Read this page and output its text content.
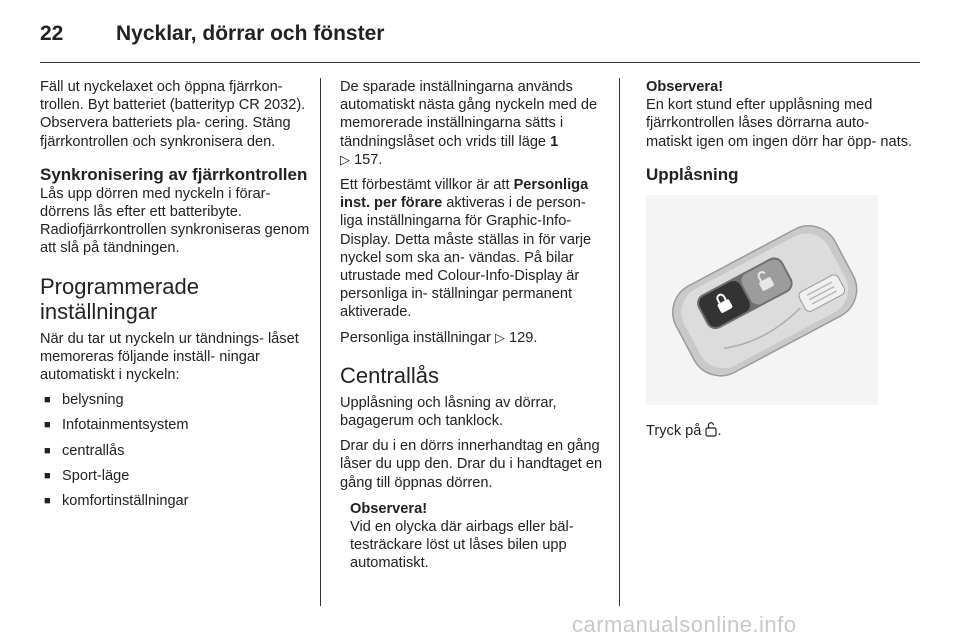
22	Nycklar, dörrar och fönster

Fäll ut nyckelaxet och öppna fjärrkon- trollen. Byt batteriet (batterityp CR 2032). Observera batteriets pla- cering. Stäng fjärrkontrollen och synkronisera den.

Synkronisering av fjärrkontrollen

Lås upp dörren med nyckeln i förar- dörrens lås efter ett batteribyte. Radiofjärrkontrollen synkroniseras genom att slå på tändningen.

Programmerade inställningar

När du tar ut nyckeln ur tändnings- låset memoreras följande inställ- ningar automatiskt i nyckeln:

■ belysning
■ Infotainmentsystem
■ centrallås
■ Sport-läge
■ komfortinställningar

De sparade inställningarna används automatiskt nästa gång nyckeln med de memorerade inställningarna sätts i tändningslåset och vrids till läge 1
▷ 157.

Ett förbestämt villkor är att Personliga inst. per förare aktiveras i de person- liga inställningarna för Graphic-Info-Display. Detta måste ställas in för varje nyckel som ska an- vändas. På bilar utrustade med Colour-Info-Display är personliga in- ställningar permanent aktiverade.

Personliga inställningar ▷ 129.

Centrallås

Upplåsning och låsning av dörrar, bagagerum och tanklock.

Drar du i en dörrs innerhandtag en gång låser du upp den. Drar du i handtaget en gång till öppnas dörren.

Observera!
Vid en olycka där airbags eller bäl- testräckare löst ut låses bilen upp automatiskt.
Observera!
En kort stund efter upplåsning med fjärrkontrollen låses dörrarna auto- matiskt igen om ingen dörr har öpp- nats.
Upplåsning

Tryck på .

carmanualsonline.info
